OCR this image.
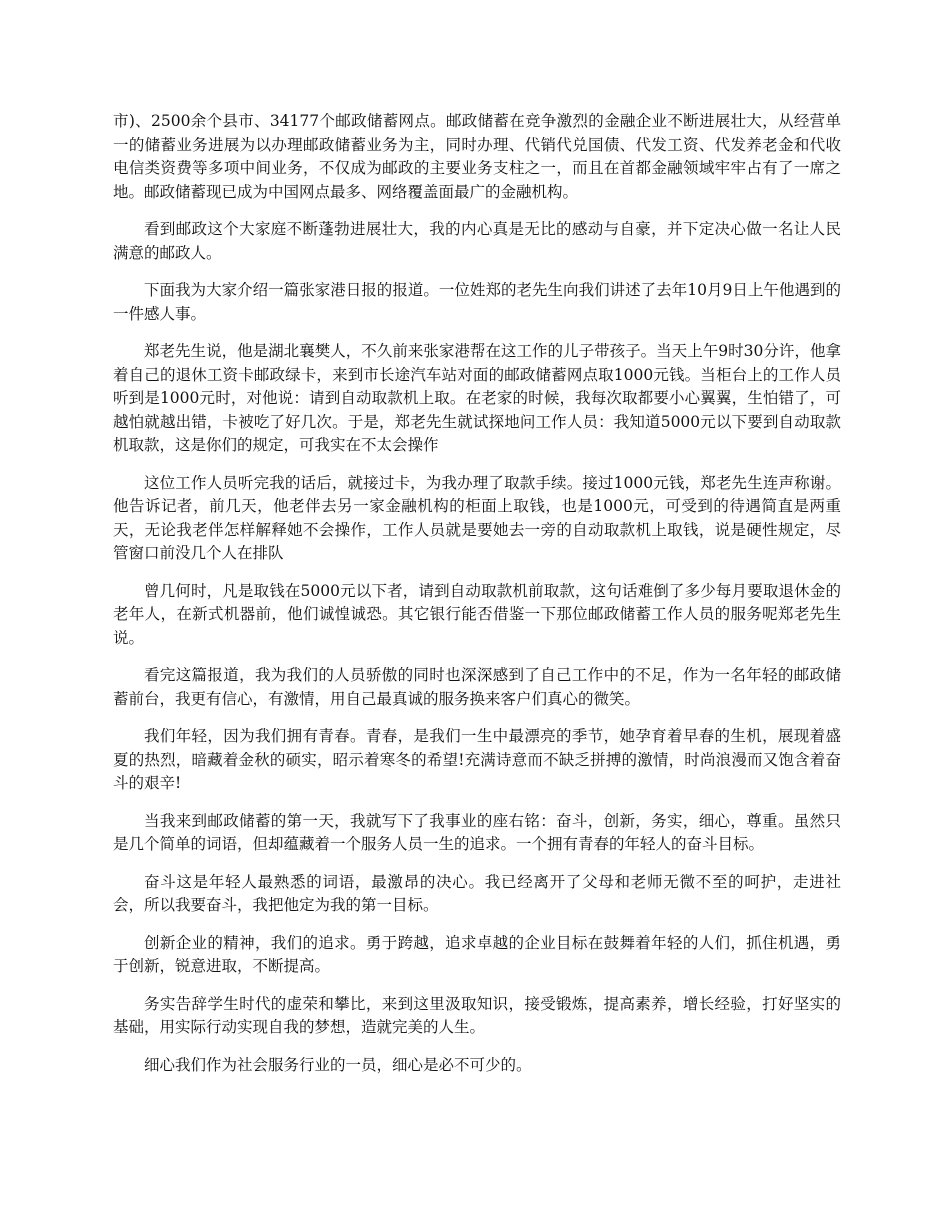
市)、2500余个县市、34177个邮政储蓄网点。邮政储蓄在竞争激烈的金融企业不断进展壮大，从经营单一的储蓄业务进展为以办理邮政储蓄业务为主，同时办理、代销代兑国债、代发工资、代发养老金和代收电信类资费等多项中间业务，不仅成为邮政的主要业务支柱之一，而且在首都金融领域牢牢占有了一席之地。邮政储蓄现已成为中国网点最多、网络覆盖面最广的金融机构。

看到邮政这个大家庭不断蓬勃进展壮大，我的内心真是无比的感动与自豪，并下定决心做一名让人民满意的邮政人。

下面我为大家介绍一篇张家港日报的报道。一位姓郑的老先生向我们讲述了去年10月9日上午他遇到的一件感人事。

郑老先生说，他是湖北襄樊人，不久前来张家港帮在这工作的儿子带孩子。当天上午9时30分许，他拿着自己的退休工资卡邮政绿卡，来到市长途汽车站对面的邮政储蓄网点取1000元钱。当柜台上的工作人员听到是1000元时，对他说：请到自动取款机上取。在老家的时候，我每次取都要小心翼翼，生怕错了，可越怕就越出错，卡被吃了好几次。于是，郑老先生就试探地问工作人员：我知道5000元以下要到自动取款机取款，这是你们的规定，可我实在不太会操作

这位工作人员听完我的话后，就接过卡，为我办理了取款手续。接过1000元钱，郑老先生连声称谢。他告诉记者，前几天，他老伴去另一家金融机构的柜面上取钱，也是1000元，可受到的待遇简直是两重天，无论我老伴怎样解释她不会操作，工作人员就是要她去一旁的自动取款机上取钱，说是硬性规定，尽管窗口前没几个人在排队

曾几何时，凡是取钱在5000元以下者，请到自动取款机前取款，这句话难倒了多少每月要取退休金的老年人，在新式机器前，他们诚惶诚恐。其它银行能否借鉴一下那位邮政储蓄工作人员的服务呢郑老先生说。

看完这篇报道，我为我们的人员骄傲的同时也深深感到了自己工作中的不足，作为一名年轻的邮政储蓄前台，我更有信心，有激情，用自己最真诚的服务换来客户们真心的微笑。

我们年轻，因为我们拥有青春。青春，是我们一生中最漂亮的季节，她孕育着早春的生机，展现着盛夏的热烈，暗藏着金秋的硕实，昭示着寒冬的希望!充满诗意而不缺乏拼搏的激情，时尚浪漫而又饱含着奋斗的艰辛!

当我来到邮政储蓄的第一天，我就写下了我事业的座右铭：奋斗，创新，务实，细心，尊重。虽然只是几个简单的词语，但却蕴藏着一个服务人员一生的追求。一个拥有青春的年轻人的奋斗目标。

奋斗这是年轻人最熟悉的词语，最激昂的决心。我已经离开了父母和老师无微不至的呵护，走进社会，所以我要奋斗，我把他定为我的第一目标。

创新企业的精神，我们的追求。勇于跨越，追求卓越的企业目标在鼓舞着年轻的人们，抓住机遇，勇于创新，锐意进取，不断提高。

务实告辞学生时代的虚荣和攀比，来到这里汲取知识，接受锻炼，提高素养，增长经验，打好坚实的基础，用实际行动实现自我的梦想，造就完美的人生。

细心我们作为社会服务行业的一员，细心是必不可少的。
